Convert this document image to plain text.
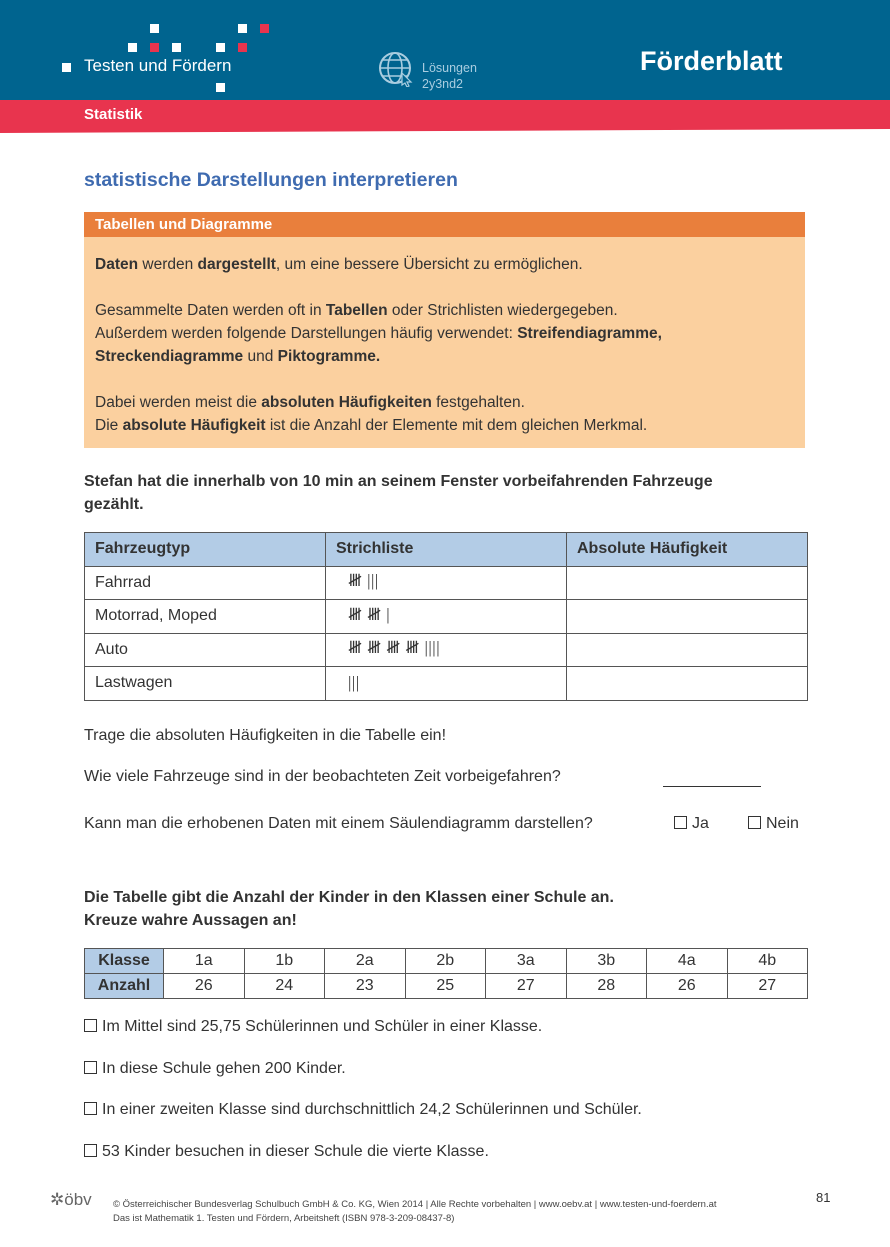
Testen und Fördern	Lösungen
2y3nd2
Förderblatt
Statistik
statistische Darstellungen interpretieren
Tabellen und Diagramme

Daten werden dargestellt, um eine bessere Übersicht zu ermöglichen.

Gesammelte Daten werden oft in Tabellen oder Strichlisten wiedergegeben.
Außerdem werden folgende Darstellungen häufig verwendet: Streifendiagramme,
Streckendiagramme und Piktogramme.

Dabei werden meist die absoluten Häufigkeiten festgehalten.
Die absolute Häufigkeit ist die Anzahl der Elemente mit dem gleichen Merkmal.

Stefan hat die innerhalb von 10 min an seinem Fenster vorbeifahrenden Fahrzeuge
gezählt.
Fahrzeugtyp	Strichliste	Absolute Häufigkeit
Fahrrad	𝍸 |||	
Motorrad, Moped	𝍸 𝍸 |	
Auto	𝍸 𝍸 𝍸 𝍸 ||||	
Lastwagen	|||	
Trage die absoluten Häufigkeiten in die Tabelle ein!
Wie viele Fahrzeuge sind in der beobachteten Zeit vorbeigefahren?
Kann man die erhobenen Daten mit einem Säulendiagramm darstellen?	Ja	Nein
Die Tabelle gibt die Anzahl der Kinder in den Klassen einer Schule an.
Kreuze wahre Aussagen an!
Klasse	1a	1b	2a	2b	3a	3b	4a	4b
Anzahl	26	24	23	25	27	28	26	27
Im Mittel sind 25,75 Schülerinnen und Schüler in einer Klasse.
In diese Schule gehen 200 Kinder.
In einer zweiten Klasse sind durchschnittlich 24,2 Schülerinnen und Schüler.
53 Kinder besuchen in dieser Schule die vierte Klasse.
✲öbv © Österreichischer Bundesverlag Schulbuch GmbH & Co. KG, Wien 2014 | Alle Rechte vorbehalten | www.oebv.at | www.testen-und-foerdern.at
Das ist Mathematik 1. Testen und Fördern, Arbeitsheft (ISBN 978-3-209-08437-8)
81
